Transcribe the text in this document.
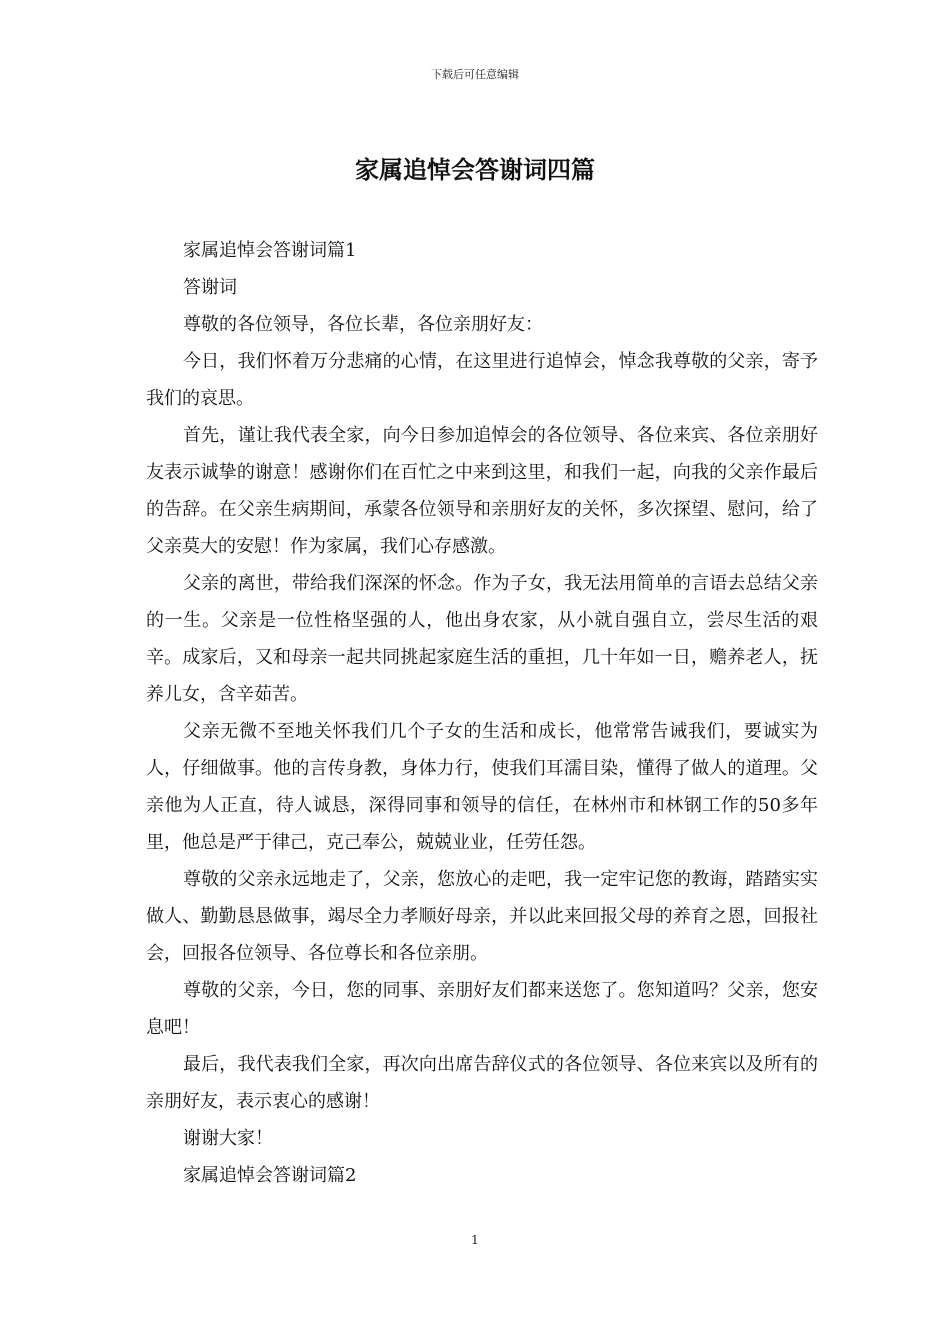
下载后可任意编辑
家属追悼会答谢词四篇

家属追悼会答谢词篇1

答谢词

尊敬的各位领导，各位长辈，各位亲朋好友：

今日，我们怀着万分悲痛的心情，在这里进行追悼会，悼念我尊敬的父亲，寄予我们的哀思。

首先，谨让我代表全家，向今日参加追悼会的各位领导、各位来宾、各位亲朋好友表示诚挚的谢意！感谢你们在百忙之中来到这里，和我们一起，向我的父亲作最后的告辞。在父亲生病期间，承蒙各位领导和亲朋好友的关怀，多次探望、慰问，给了父亲莫大的安慰！作为家属，我们心存感激。

父亲的离世，带给我们深深的怀念。作为子女，我无法用简单的言语去总结父亲的一生。父亲是一位性格坚强的人，他出身农家，从小就自强自立，尝尽生活的艰辛。成家后，又和母亲一起共同挑起家庭生活的重担，几十年如一日，赡养老人，抚养儿女，含辛茹苦。

父亲无微不至地关怀我们几个子女的生活和成长，他常常告诫我们，要诚实为人，仔细做事。他的言传身教，身体力行，使我们耳濡目染，懂得了做人的道理。父亲他为人正直，待人诚恳，深得同事和领导的信任，在林州市和林钢工作的50多年里，他总是严于律己，克己奉公，兢兢业业，任劳任怨。

尊敬的父亲永远地走了，父亲，您放心的走吧，我一定牢记您的教诲，踏踏实实做人、勤勤恳恳做事，竭尽全力孝顺好母亲，并以此来回报父母的养育之恩，回报社会，回报各位领导、各位尊长和各位亲朋。

尊敬的父亲，今日，您的同事、亲朋好友们都来送您了。您知道吗？父亲，您安息吧！

最后，我代表我们全家，再次向出席告辞仪式的各位领导、各位来宾以及所有的亲朋好友，表示衷心的感谢！

谢谢大家！

家属追悼会答谢词篇2

1
